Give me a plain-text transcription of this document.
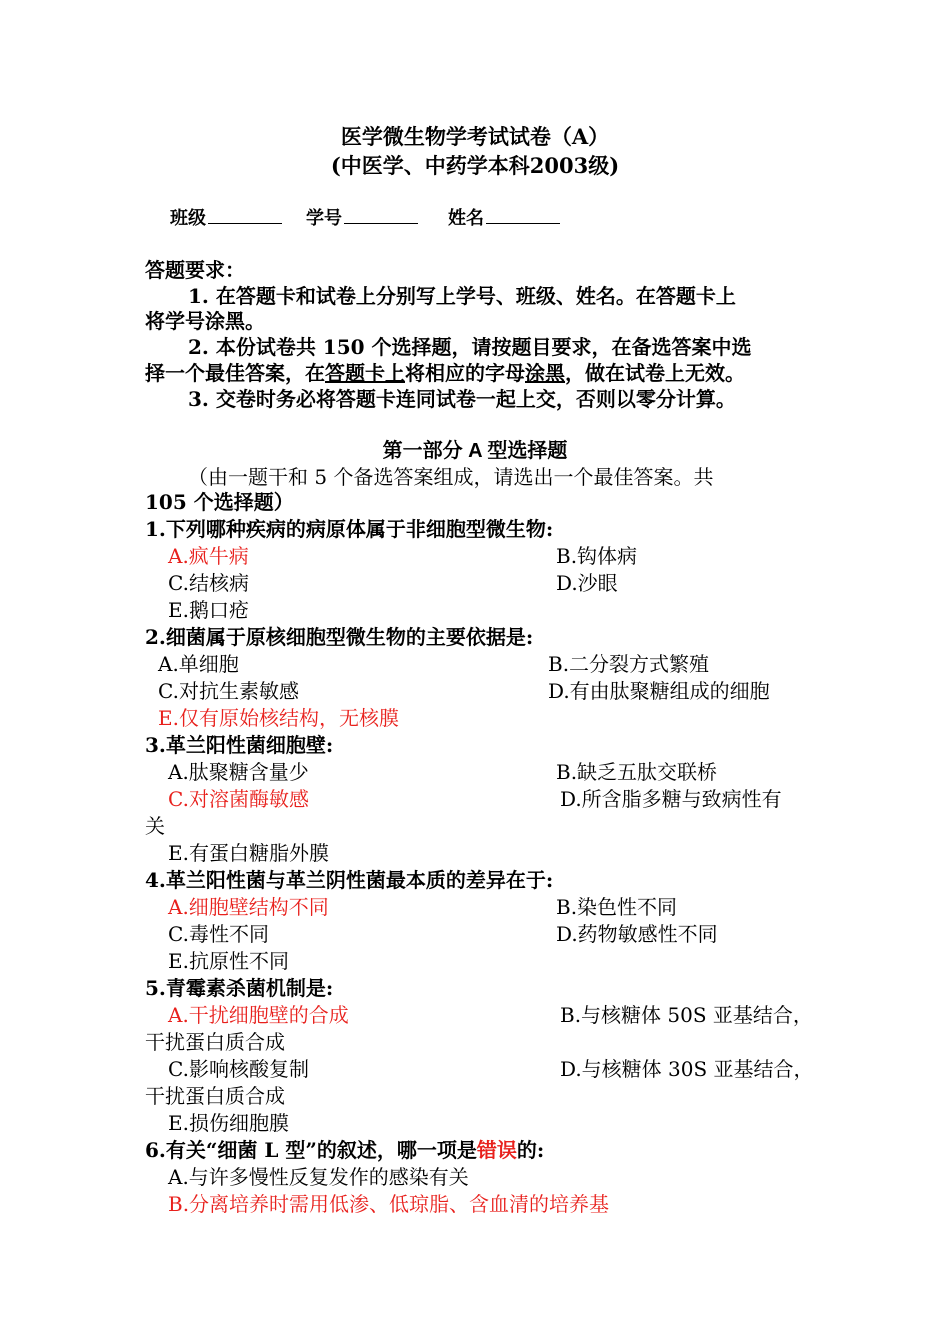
医学微生物学考试试卷（A）
(中医学、中药学本科2003级)
班级	学号	姓名
答题要求：
1. 在答题卡和试卷上分别写上学号、班级、姓名。在答题卡上
将学号涂黑。
2. 本份试卷共 150 个选择题，请按题目要求，在备选答案中选
择一个最佳答案，在答题卡上将相应的字母涂黑，做在试卷上无效。
3. 交卷时务必将答题卡连同试卷一起上交，否则以零分计算。
第一部分 A 型选择题
（由一题干和 5 个备选答案组成，请选出一个最佳答案。共
105 个选择题）
1.下列哪种疾病的病原体属于非细胞型微生物:
A.疯牛病	B.钩体病
C.结核病	D.沙眼
E.鹅口疮
2.细菌属于原核细胞型微生物的主要依据是:
A.单细胞	B.二分裂方式繁殖
C.对抗生素敏感	D.有由肽聚糖组成的细胞
E.仅有原始核结构，无核膜
3.革兰阳性菌细胞壁:
A.肽聚糖含量少	B.缺乏五肽交联桥
C.对溶菌酶敏感	D.所含脂多糖与致病性有
关
E.有蛋白糖脂外膜
4.革兰阳性菌与革兰阴性菌最本质的差异在于:
A.细胞壁结构不同	B.染色性不同
C.毒性不同	D.药物敏感性不同
E.抗原性不同
5.青霉素杀菌机制是:
A.干扰细胞壁的合成	B.与核糖体 50S 亚基结合，
干扰蛋白质合成
C.影响核酸复制	D.与核糖体 30S 亚基结合，
干扰蛋白质合成
E.损伤细胞膜
6.有关“细菌 L 型”的叙述，哪一项是错误的:
A.与许多慢性反复发作的感染有关
B.分离培养时需用低渗、低琼脂、含血清的培养基
